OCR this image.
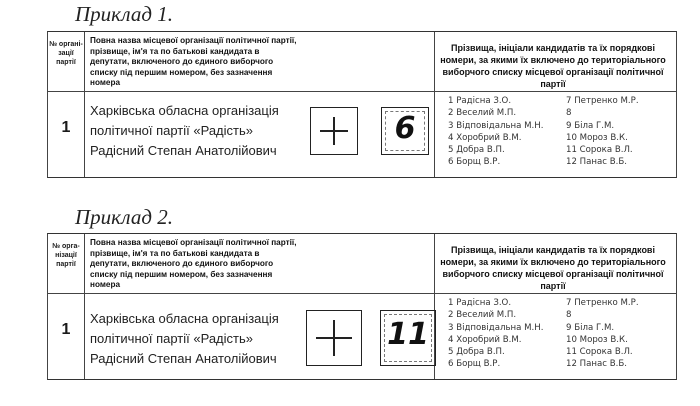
Приклад 1.
№ органі-зації партії
Повна назва місцевої організації політичної партії, прізвище, ім'я та по батькові кандидата в депутати, включеного до єдиного виборчого списку під першим номером, без зазначення номера
Прізвища, ініціали кандидатів та їх порядкові номери, за якими їх включено до територіального виборчого списку місцевої організації політичної партії
1
Харківська обласна організація
політичної партії «Радість»
Радісний Степан Анатолійович
6
1 Радісна З.О.
2 Веселий М.П.
3 Відповідальна М.Н.
4 Хоробрий В.М.
5 Добра В.П.
6 Борщ В.Р.
7 Петренко М.Р.
8
9 Біла Г.М.
10 Мороз В.К.
11 Сорока В.Л.
12 Панас В.Б.
Приклад 2.
№ орга-нізації партії
Повна назва місцевої організації політичної партії, прізвище, ім'я та по батькові кандидата в депутати, включеного до єдиного виборчого списку під першим номером, без зазначення номера
Прізвища, ініціали кандидатів та їх порядкові номери, за якими їх включено до територіального виборчого списку місцевої організації політичної партії
1
Харківська обласна організація
політичної партії «Радість»
Радісний Степан Анатолійович
11
1 Радісна З.О.
2 Веселий М.П.
3 Відповідальна М.Н.
4 Хоробрий В.М.
5 Добра В.П.
6 Борщ В.Р.
7 Петренко М.Р.
8
9 Біла Г.М.
10 Мороз В.К.
11 Сорока В.Л.
12 Панас В.Б.
